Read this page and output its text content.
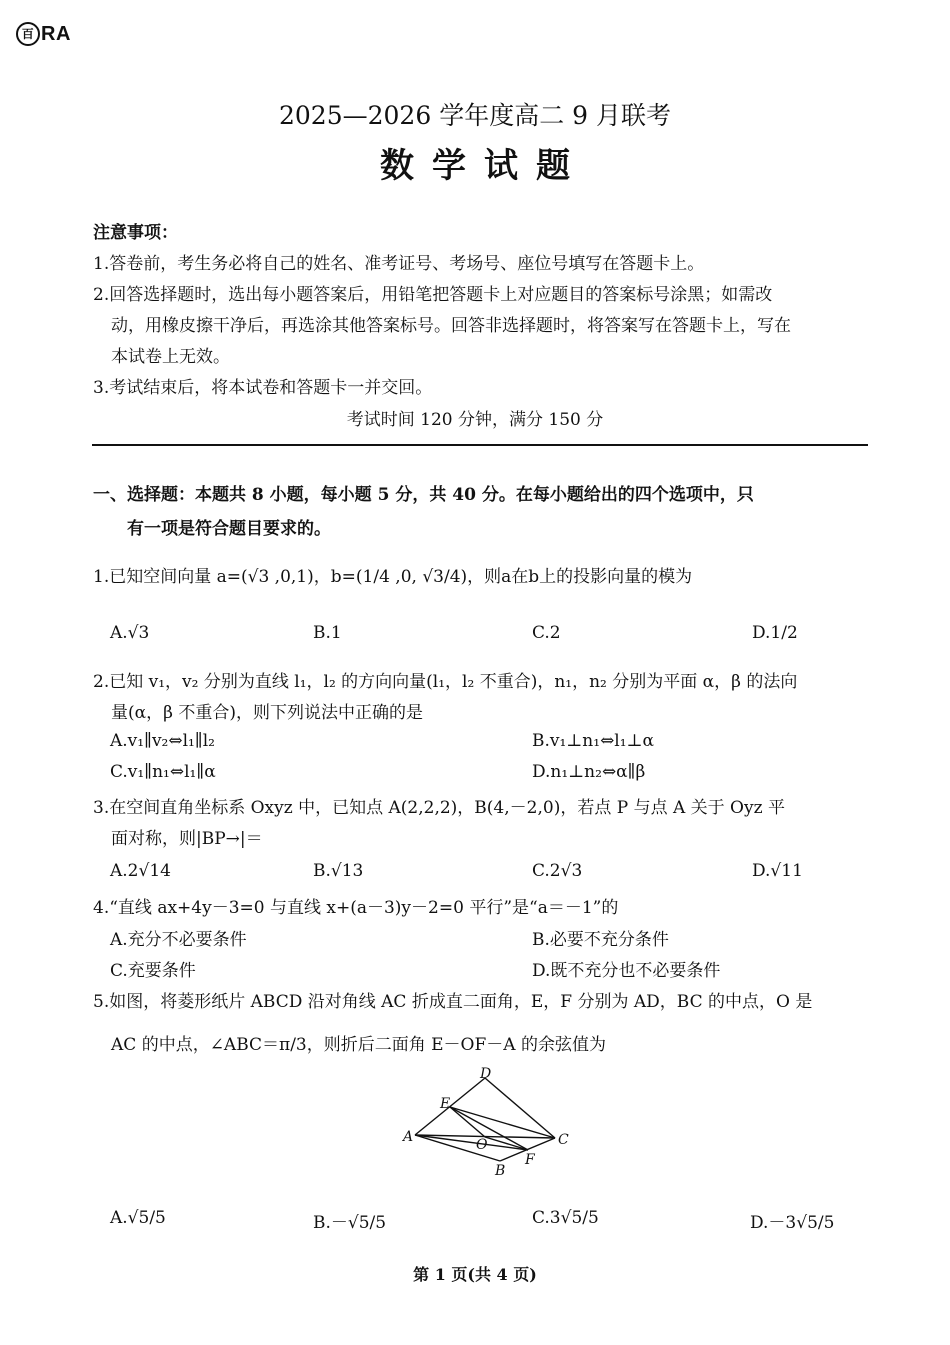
百 RA
2025—2026 学年度高二 9 月联考
数学试题
注意事项：
1.答卷前，考生务必将自己的姓名、准考证号、考场号、座位号填写在答题卡上。
2.回答选择题时，选出每小题答案后，用铅笔把答题卡上对应题目的答案标号涂黑；如需改
动，用橡皮擦干净后，再选涂其他答案标号。回答非选择题时，将答案写在答题卡上，写在
本试卷上无效。
3.考试结束后，将本试卷和答题卡一并交回。
考试时间 120 分钟，满分 150 分
一、选择题：本题共 8 小题，每小题 5 分，共 40 分。在每小题给出的四个选项中，只
有一项是符合题目要求的。
1.已知空间向量 a=(√3 ,0,1)，b=(1/4 ,0, √3/4)，则a在b上的投影向量的模为
A.√3	B.1	C.2	D.1/2
2.已知 v₁，v₂ 分别为直线 l₁，l₂ 的方向向量(l₁，l₂ 不重合)，n₁，n₂ 分别为平面 α，β 的法向
量(α，β 不重合)，则下列说法中正确的是
A.v₁∥v₂⇔l₁∥l₂	B.v₁⊥n₁⇔l₁⊥α
C.v₁∥n₁⇔l₁∥α	D.n₁⊥n₂⇔α∥β
3.在空间直角坐标系 Oxyz 中，已知点 A(2,2,2)，B(4,－2,0)，若点 P 与点 A 关于 Oyz 平
面对称，则|BP→|＝
A.2√14	B.√13	C.2√3	D.√11
4.“直线 ax+4y－3=0 与直线 x+(a－3)y－2=0 平行”是“a＝－1”的
A.充分不必要条件	B.必要不充分条件
C.充要条件	D.既不充分也不必要条件
5.如图，将菱形纸片 ABCD 沿对角线 AC 折成直二面角，E，F 分别为 AD，BC 的中点，O 是
AC 的中点，∠ABC＝π/3，则折后二面角 E－OF－A 的余弦值为
A
B
C
D
E
F
O
A.√5/5	B.－√5/5	C.3√5/5	D.－3√5/5
第 1 页(共 4 页)
